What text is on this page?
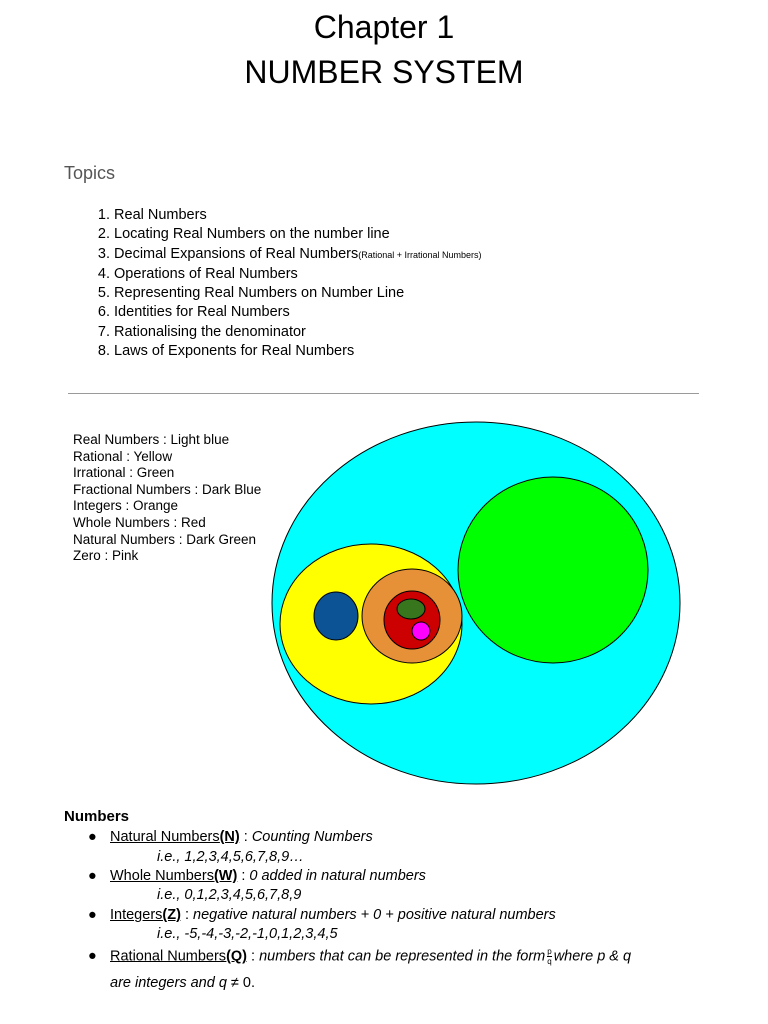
Chapter 1
NUMBER SYSTEM
Topics
1. Real Numbers
2. Locating Real Numbers on the number line
3. Decimal Expansions of Real Numbers(Rational + Irrational Numbers)
4. Operations of Real Numbers
5. Representing Real Numbers on Number Line
6. Identities for Real Numbers
7. Rationalising the denominator
8. Laws of Exponents for Real Numbers
Real Numbers : Light blue
Rational : Yellow
Irrational : Green
Fractional Numbers : Dark Blue
Integers : Orange
Whole Numbers : Red
Natural Numbers : Dark Green
Zero : Pink
Numbers

● Natural Numbers(N) : Counting Numbers

i.e., 1,2,3,4,5,6,7,8,9…

● Whole Numbers(W) : 0 added in natural numbers

i.e., 0,1,2,3,4,5,6,7,8,9

● Integers(Z) : negative natural numbers + 0 + positive natural numbers

i.e., -5,-4,-3,-2,-1,0,1,2,3,4,5

● Rational Numbers(Q) : numbers that can be represented in the form $\frac{p}{q}$ where p & q

are integers and q ≠ 0.
